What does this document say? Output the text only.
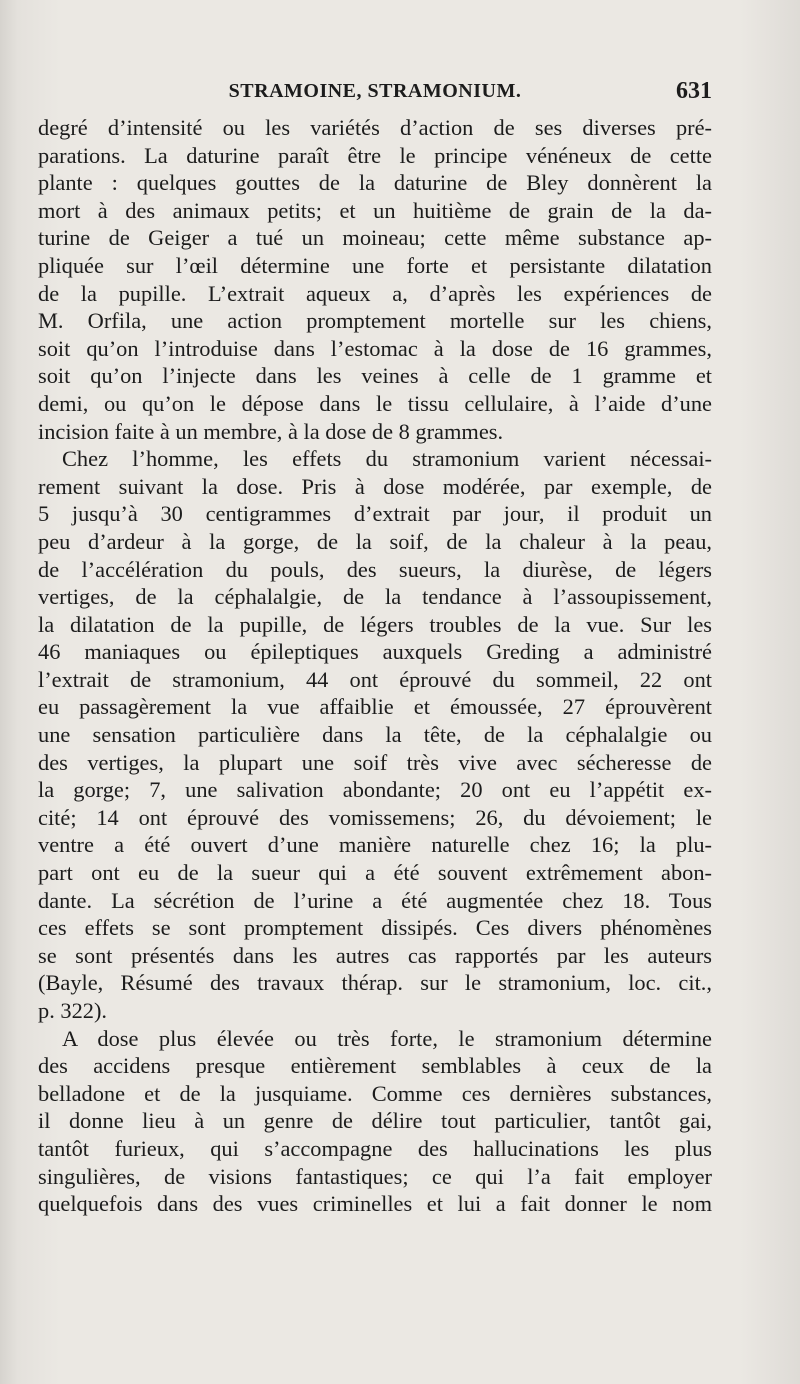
STRAMOINE, STRAMONIUM.	631
degré d’intensité ou les variétés d’action de ses diverses pré-
parations. La daturine paraît être le principe vénéneux de cette
plante : quelques gouttes de la daturine de Bley donnèrent la
mort à des animaux petits; et un huitième de grain de la da-
turine de Geiger a tué un moineau; cette même substance ap-
pliquée sur l’œil détermine une forte et persistante dilatation
de la pupille. L’extrait aqueux a, d’après les expériences de
M. Orfila, une action promptement mortelle sur les chiens,
soit qu’on l’introduise dans l’estomac à la dose de 16 grammes,
soit qu’on l’injecte dans les veines à celle de 1 gramme et
demi, ou qu’on le dépose dans le tissu cellulaire, à l’aide d’une
incision faite à un membre, à la dose de 8 grammes.
Chez l’homme, les effets du stramonium varient nécessai-
rement suivant la dose. Pris à dose modérée, par exemple, de
5 jusqu’à 30 centigrammes d’extrait par jour, il produit un
peu d’ardeur à la gorge, de la soif, de la chaleur à la peau,
de l’accélération du pouls, des sueurs, la diurèse, de légers
vertiges, de la céphalalgie, de la tendance à l’assoupissement,
la dilatation de la pupille, de légers troubles de la vue. Sur les
46 maniaques ou épileptiques auxquels Greding a administré
l’extrait de stramonium, 44 ont éprouvé du sommeil, 22 ont
eu passagèrement la vue affaiblie et émoussée, 27 éprouvèrent
une sensation particulière dans la tête, de la céphalalgie ou
des vertiges, la plupart une soif très vive avec sécheresse de
la gorge; 7, une salivation abondante; 20 ont eu l’appétit ex-
cité; 14 ont éprouvé des vomissemens; 26, du dévoiement; le
ventre a été ouvert d’une manière naturelle chez 16; la plu-
part ont eu de la sueur qui a été souvent extrêmement abon-
dante. La sécrétion de l’urine a été augmentée chez 18. Tous
ces effets se sont promptement dissipés. Ces divers phénomènes
se sont présentés dans les autres cas rapportés par les auteurs
(Bayle, Résumé des travaux thérap. sur le stramonium, loc. cit.,
p. 322).
A dose plus élevée ou très forte, le stramonium détermine
des accidens presque entièrement semblables à ceux de la
belladone et de la jusquiame. Comme ces dernières substances,
il donne lieu à un genre de délire tout particulier, tantôt gai,
tantôt furieux, qui s’accompagne des hallucinations les plus
singulières, de visions fantastiques; ce qui l’a fait employer
quelquefois dans des vues criminelles et lui a fait donner le nom
